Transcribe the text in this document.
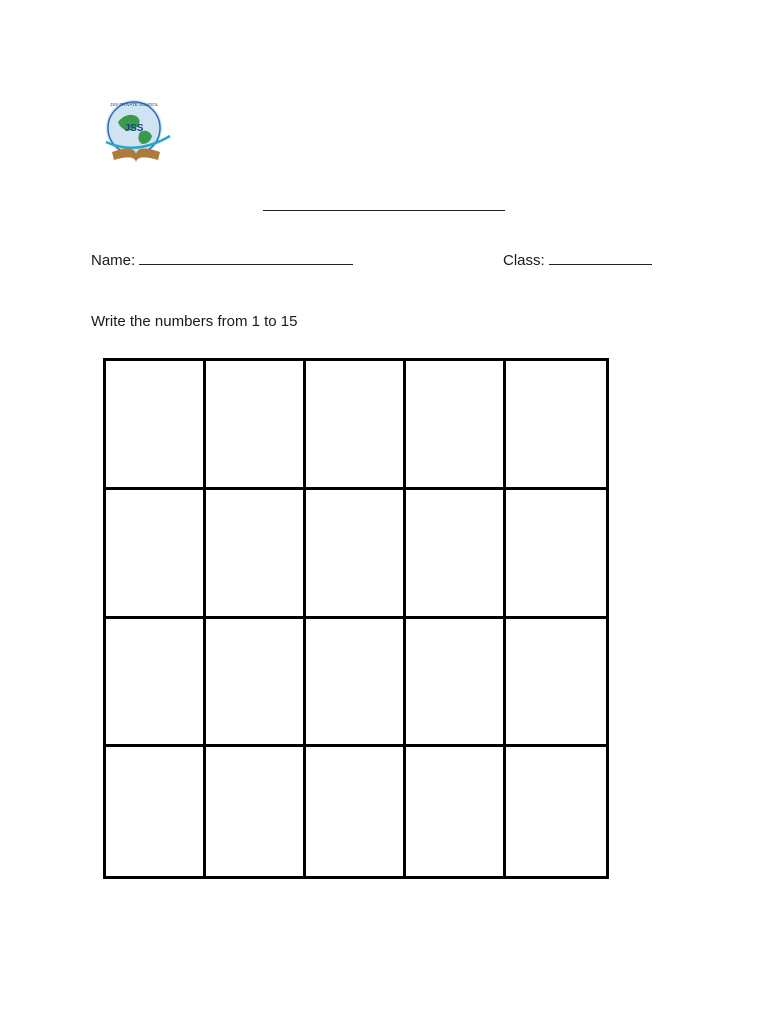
JSS
JSS PRIVATE SCHOOL
Name:	Class:
Write the numbers from 1 to 15
